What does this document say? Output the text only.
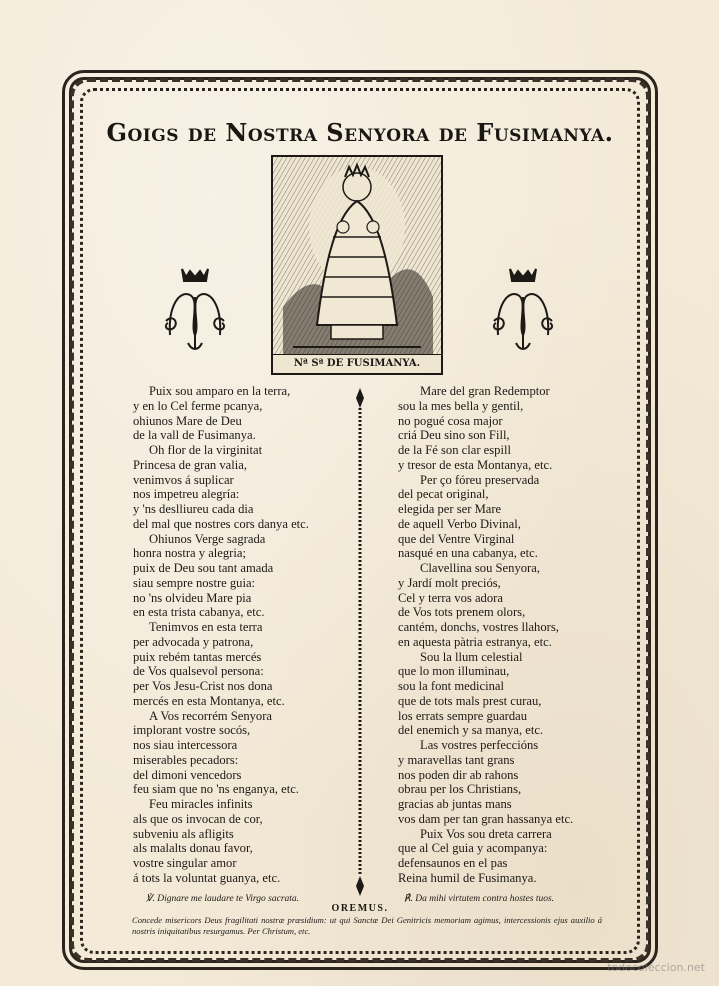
Goigs de Nostra Senyora de Fusimanya.
Nª Sª DE FUSIMANYA.
Puix sou amparo en la terra,
y en lo Cel ferme pcanya,
ohiunos Mare de Deu
de la vall de Fusimanya.
Oh flor de la virginitat
Princesa de gran valia,
venimvos á suplicar
nos impetreu alegría:
y 'ns deslliureu cada dia
del mal que nostres cors danya etc.
Ohiunos Verge sagrada
honra nostra y alegria;
puix de Deu sou tant amada
siau sempre nostre guia:
no 'ns olvideu Mare pia
en esta trista cabanya, etc.
Tenimvos en esta terra
per advocada y patrona,
puix rebém tantas mercés
de Vos qualsevol persona:
per Vos Jesu-Crist nos dona
mercés en esta Montanya, etc.
A Vos recorrém Senyora
implorant vostre socós,
nos siau intercessora
miserables pecadors:
del dimoni vencedors
feu siam que no 'ns enganya, etc.
Feu miracles infinits
als que os invocan de cor,
subveniu als afligits
als malalts donau favor,
vostre singular amor
á tots la voluntat guanya, etc.
Mare del gran Redemptor
sou la mes bella y gentil,
no pogué cosa major
criá Deu sino son Fill,
de la Fé son clar espill
y tresor de esta Montanya, etc.
Per ço fóreu preservada
del pecat original,
elegida per ser Mare
de aquell Verbo Divinal,
que del Ventre Virginal
nasqué en una cabanya, etc.
Clavellina sou Senyora,
y Jardí molt preciós,
Cel y terra vos adora
de Vos tots prenem olors,
cantém, donchs, vostres llahors,
en aquesta pàtria estranya, etc.
Sou la llum celestial
que lo mon illuminau,
sou la font medicinal
que de tots mals prest curau,
los errats sempre guardau
del enemich y sa manya, etc.
Las vostres perfeccións
y maravellas tant grans
nos poden dir ab rahons
obrau per los Christians,
gracias ab juntas mans
vos dam per tan gran hassanya etc.
Puix Vos sou dreta carrera
que al Cel guia y acompanya:
defensaunos en el pas
Reina humil de Fusimanya.
℣. Dignare me laudare te Virgo sacrata.	℟. Da mihi virtutem contra hostes tuos.
OREMUS.
Concede misericors Deus fragilitati nostræ præsidium: ut qui Sanctæ Dei Genitricis memoriam agimus, intercessionis ejus auxilio á nostris iniquitatibus resurgamus. Per Christum, etc.
todocoleccion.net
